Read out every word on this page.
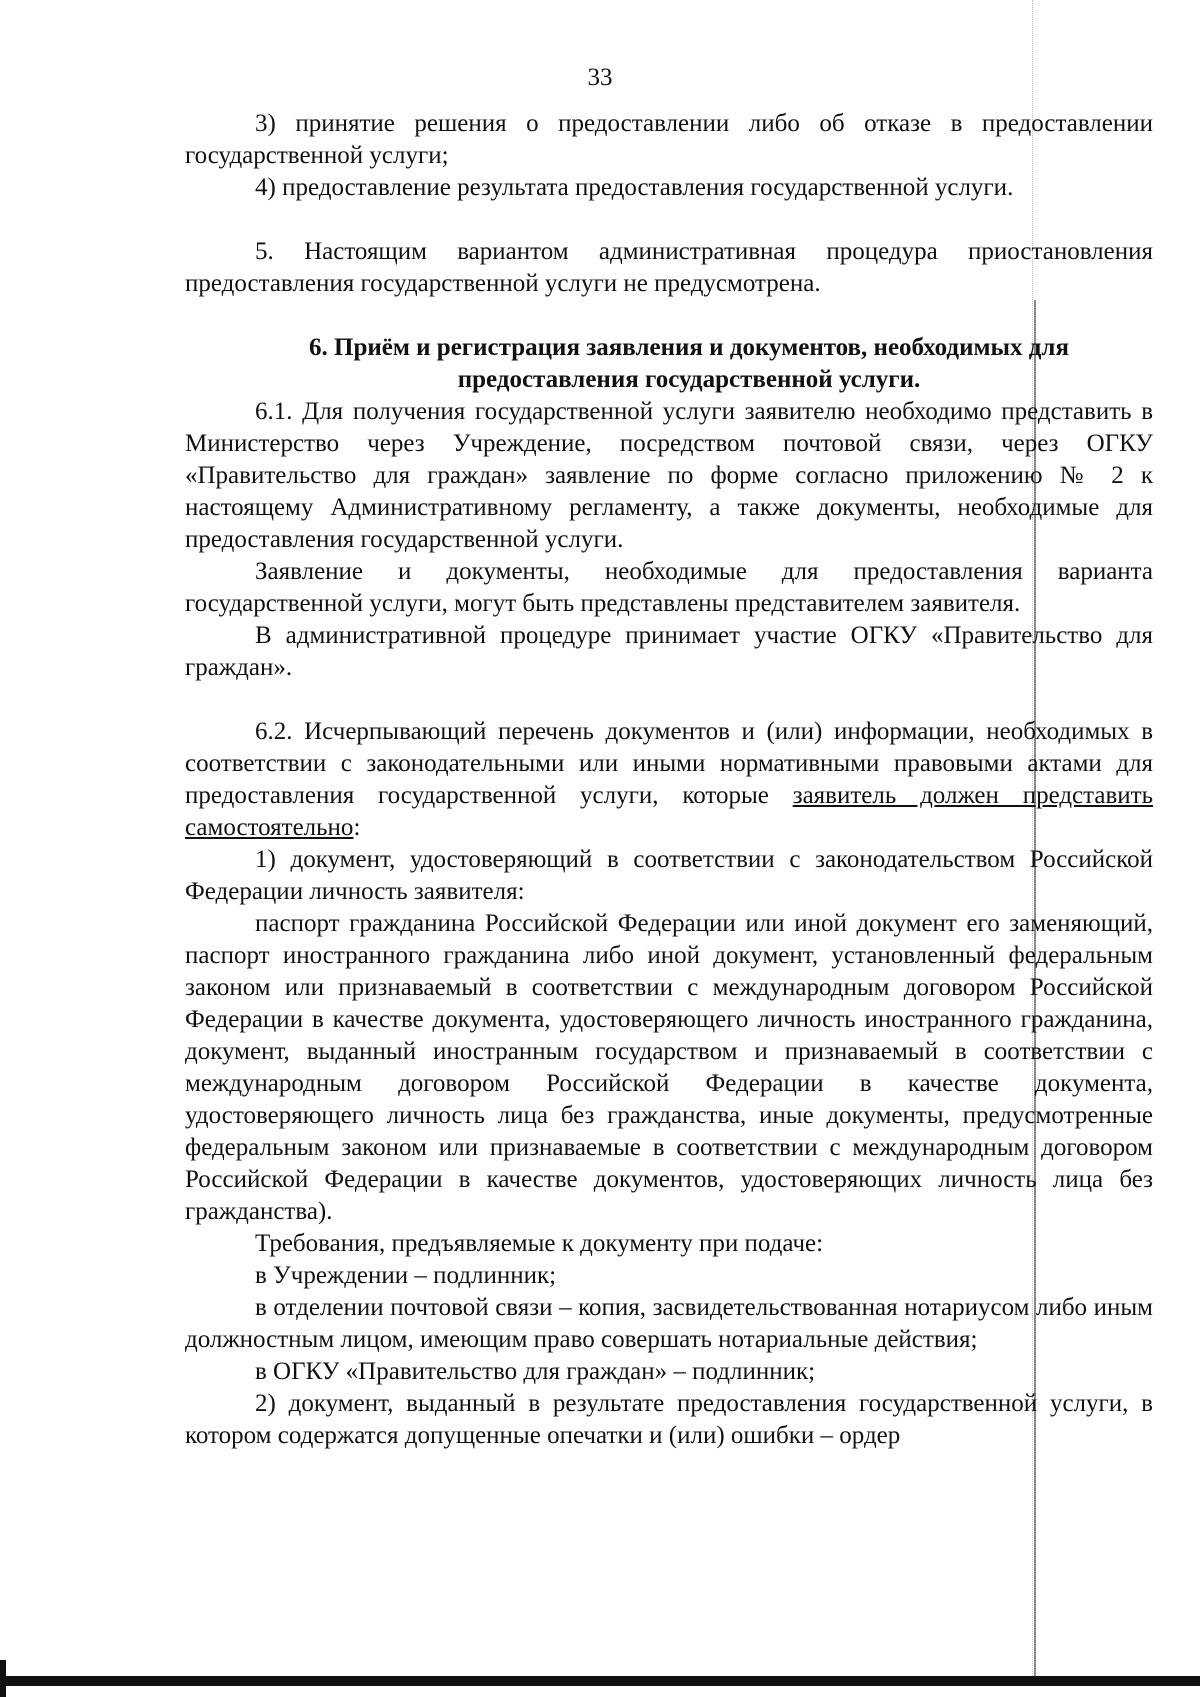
33

3) принятие решения о предоставлении либо об отказе в предоставлении государственной услуги;

4) предоставление результата предоставления государственной услуги.

5. Настоящим вариантом административная процедура приостановления предоставления государственной услуги не предусмотрена.

6. Приём и регистрация заявления и документов, необходимых для предоставления государственной услуги.

6.1. Для получения государственной услуги заявителю необходимо представить в Министерство через Учреждение, посредством почтовой связи, через ОГКУ «Правительство для граждан» заявление по форме согласно приложению № 2 к настоящему Административному регламенту, а также документы, необходимые для предоставления государственной услуги.

Заявление и документы, необходимые для предоставления варианта государственной услуги, могут быть представлены представителем заявителя.

В административной процедуре принимает участие ОГКУ «Правительство для граждан».

6.2. Исчерпывающий перечень документов и (или) информации, необходимых в соответствии с законодательными или иными нормативными правовыми актами для предоставления государственной услуги, которые заявитель должен представить самостоятельно:

1) документ, удостоверяющий в соответствии с законодательством Российской Федерации личность заявителя:

паспорт гражданина Российской Федерации или иной документ его заменяющий, паспорт иностранного гражданина либо иной документ, установленный федеральным законом или признаваемый в соответствии с международным договором Российской Федерации в качестве документа, удостоверяющего личность иностранного гражданина, документ, выданный иностранным государством и признаваемый в соответствии с международным договором Российской Федерации в качестве документа, удостоверяющего личность лица без гражданства, иные документы, предусмотренные федеральным законом или признаваемые в соответствии с международным договором Российской Федерации в качестве документов, удостоверяющих личность лица без гражданства).

Требования, предъявляемые к документу при подаче:

в Учреждении – подлинник;

в отделении почтовой связи – копия, засвидетельствованная нотариусом либо иным должностным лицом, имеющим право совершать нотариальные действия;

в ОГКУ «Правительство для граждан» – подлинник;

2) документ, выданный в результате предоставления государственной услуги, в котором содержатся допущенные опечатки и (или) ошибки – ордер
